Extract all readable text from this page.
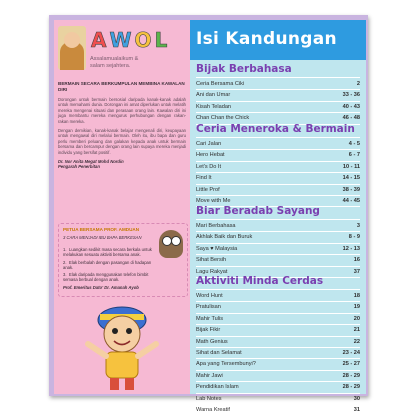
A W O L
Assalamualaikum &
salam sejahtera.
BERMAIN SECARA BERKUMPULAN MEMBINA KAWALAN DIRI
Dorongan untuk bermain bersosial daripada kanak-kanak adalah untuk memahami dunia. Dorongan ini amat diperlukan untuk melatih mereka mengenai situasi dan perasaan orang lain. Kawalan diri ini juga membantu mereka mengurus perhubungan dengan rakan-rakan mereka.
Dengan demikian, kanak-kanak belajar mengenali diri, keupayaan untuk mengawal diri melalui bermain. Oleh itu, ibu bapa dan guru perlu memberi peluang dan galakan kepada anak untuk bermain bersama dan bercampur dengan orang lain supaya mereka menjadi individu yang bersifat positif.
Dr. Nor Anita Megat Mohd Nordin
Pengarah Penerbitan
PETUA BERSAMA PROF. AMDUAN
3 CARA MENJADI IBU BAPA BERKESAN
1. Luangkan sedikit masa secara berkala untuk melakukan sesuatu aktiviti bersama anak.
2. Elak berbalah dengan pasangan di hadapan anak.
3. Elak daripada menggunakan telefon bimbit semasa berbual dengan anak.
Prof. Emeritus Dato' Dr. Amanah Ayob
Isi Kandungan
Bijak Berbahasa
Ceria Bersama Ciki	2
Ani dan Umar	33 - 36
Kisah Teladan	40 - 43
Chan Chan the Chick	46 - 48
Ceria Meneroka & Bermain
Cari Jalan	4 - 5
Hero Hebat	6 - 7
Let's Do It	10 - 11
Find It	14 - 15
Little Prof	38 - 39
Move with Me	44 - 45
Biar Beradab Sayang
Mari Berbahasa	3
Akhlak Baik dan Buruk	8 - 9
Saya ♥ Malaysia	12 - 13
Sihat Bersih	16
Lagu Rakyat	37
Aktiviti Minda Cerdas
Word Hunt	18
Pratulisan	19
Mahir Tulis	20
Bijak Fikir	21
Math Genius	22
Sihat dan Selamat	23 - 24
Apa yang Tersembunyi?	25 - 27
Mahir Jawi	28 - 29
Pendidikan Islam	28 - 29
Lab Notes	30
Warna Kreatif	31
